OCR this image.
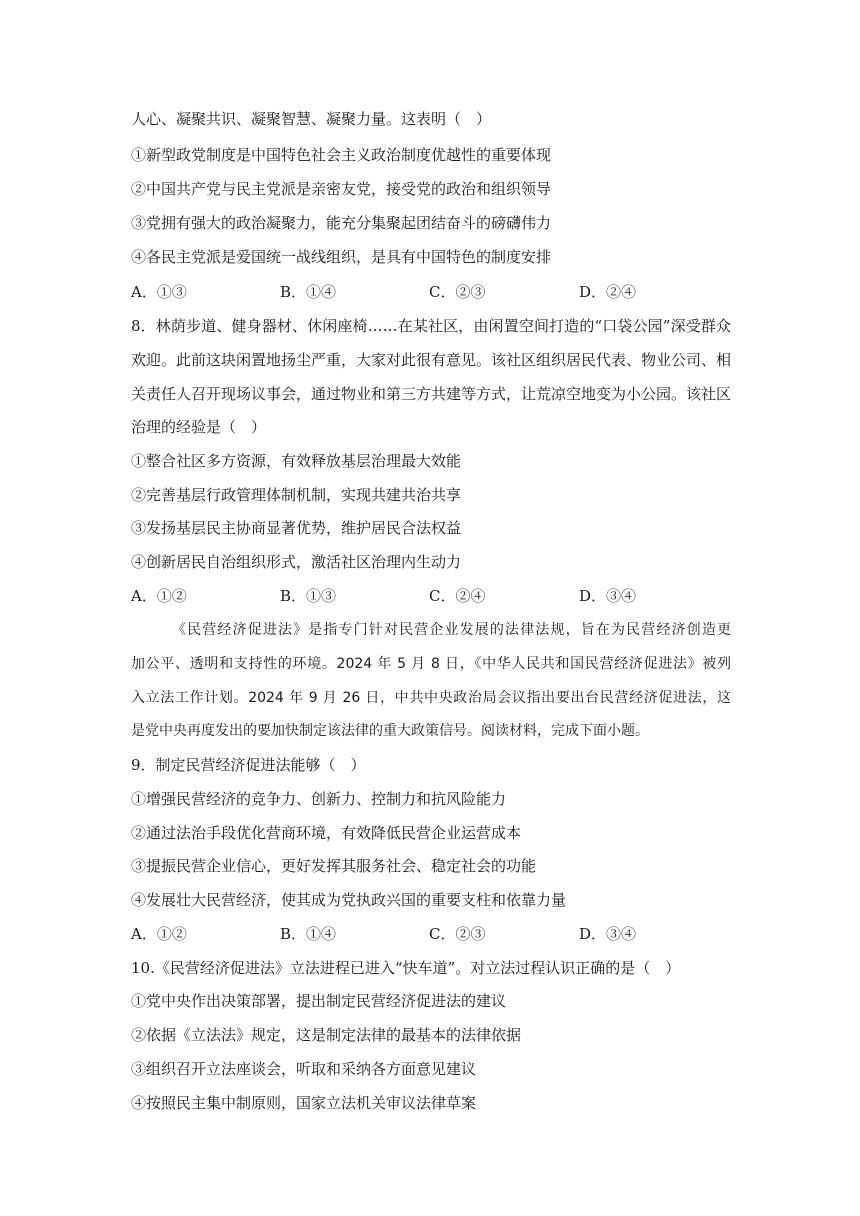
人心、凝聚共识、凝聚智慧、凝聚力量。这表明（　）
①新型政党制度是中国特色社会主义政治制度优越性的重要体现
②中国共产党与民主党派是亲密友党，接受党的政治和组织领导
③党拥有强大的政治凝聚力，能充分集聚起团结奋斗的磅礴伟力
④各民主党派是爱国统一战线组织，是具有中国特色的制度安排
A．①③	B．①④	C．②③	D．②④
8．林荫步道、健身器材、休闲座椅……在某社区，由闲置空间打造的“口袋公园”深受群众
欢迎。此前这块闲置地扬尘严重，大家对此很有意见。该社区组织居民代表、物业公司、相
关责任人召开现场议事会，通过物业和第三方共建等方式，让荒凉空地变为小公园。该社区
治理的经验是（　）
①整合社区多方资源，有效释放基层治理最大效能
②完善基层行政管理体制机制，实现共建共治共享
③发扬基层民主协商显著优势，维护居民合法权益
④创新居民自治组织形式，激活社区治理内生动力
A．①②	B．①③	C．②④	D．③④
《民营经济促进法》是指专门针对民营企业发展的法律法规，旨在为民营经济创造更
加公平、透明和支持性的环境。2024 年 5 月 8 日，《中华人民共和国民营经济促进法》被列
入立法工作计划。2024 年 9 月 26 日，中共中央政治局会议指出要出台民营经济促进法，这
是党中央再度发出的要加快制定该法律的重大政策信号。阅读材料，完成下面小题。
9．制定民营经济促进法能够（　）
①增强民营经济的竞争力、创新力、控制力和抗风险能力
②通过法治手段优化营商环境，有效降低民营企业运营成本
③提振民营企业信心，更好发挥其服务社会、稳定社会的功能
④发展壮大民营经济，使其成为党执政兴国的重要支柱和依靠力量
A．①②	B．①④	C．②③	D．③④
10.《民营经济促进法》立法进程已进入“快车道”。对立法过程认识正确的是（　）
①党中央作出决策部署，提出制定民营经济促进法的建议
②依据《立法法》规定，这是制定法律的最基本的法律依据
③组织召开立法座谈会，听取和采纳各方面意见建议
④按照民主集中制原则，国家立法机关审议法律草案
